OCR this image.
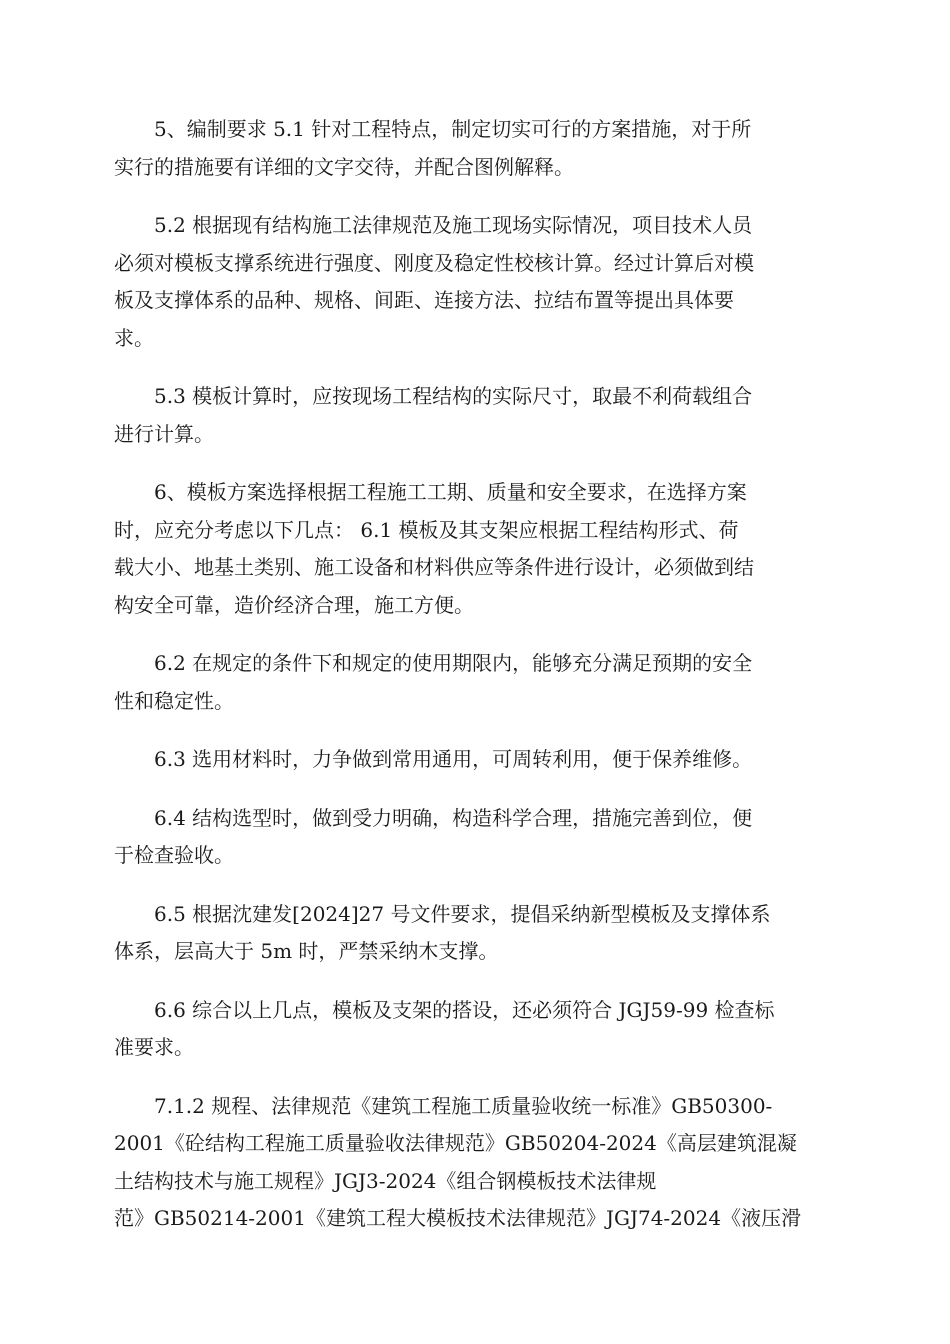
5、编制要求 5.1 针对工程特点，制定切实可行的方案措施，对于所
实行的措施要有详细的文字交待，并配合图例解释。
5.2 根据现有结构施工法律规范及施工现场实际情况，项目技术人员
必须对模板支撑系统进行强度、刚度及稳定性校核计算。经过计算后对模
板及支撑体系的品种、规格、间距、连接方法、拉结布置等提出具体要
求。
5.3 模板计算时，应按现场工程结构的实际尺寸，取最不利荷载组合
进行计算。
6、模板方案选择根据工程施工工期、质量和安全要求，在选择方案
时，应充分考虑以下几点： 6.1 模板及其支架应根据工程结构形式、荷
载大小、地基土类别、施工设备和材料供应等条件进行设计，必须做到结
构安全可靠，造价经济合理，施工方便。
6.2 在规定的条件下和规定的使用期限内，能够充分满足预期的安全
性和稳定性。
6.3 选用材料时，力争做到常用通用，可周转利用，便于保养维修。
6.4 结构选型时，做到受力明确，构造科学合理，措施完善到位，便
于检查验收。
6.5 根据沈建发[2024]27 号文件要求，提倡采纳新型模板及支撑体系
体系，层高大于 5m 时，严禁采纳木支撑。
6.6 综合以上几点，模板及支架的搭设，还必须符合 JGJ59-99 检查标
准要求。
7.1.2 规程、法律规范《建筑工程施工质量验收统一标准》GB50300-
2001《砼结构工程施工质量验收法律规范》GB50204-2024《高层建筑混凝
土结构技术与施工规程》JGJ3-2024《组合钢模板技术法律规
范》GB50214-2001《建筑工程大模板技术法律规范》JGJ74-2024《液压滑
